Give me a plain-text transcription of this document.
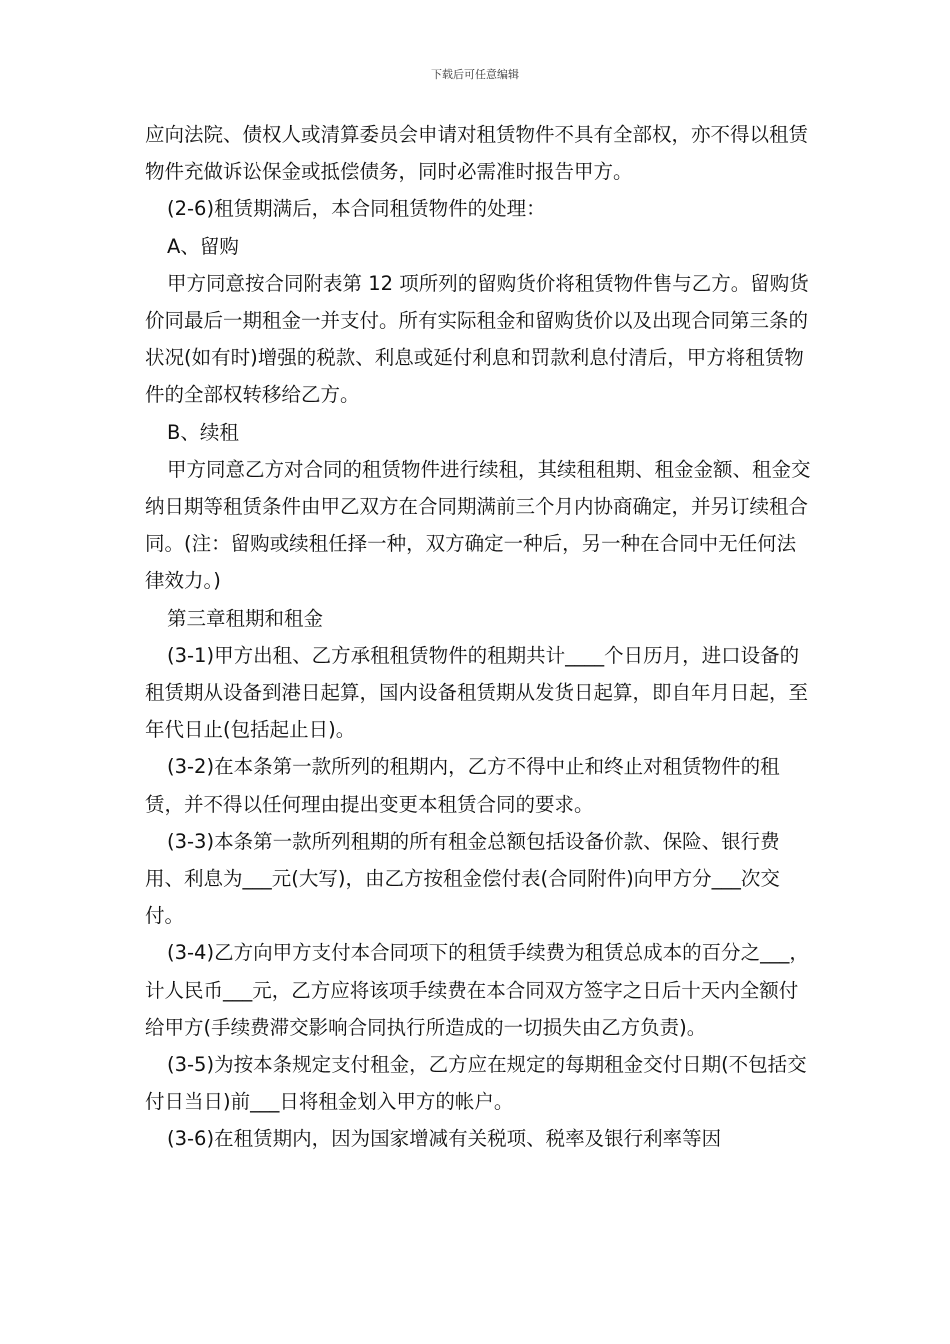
下载后可任意编辑

应向法院、债权人或清算委员会申请对租赁物件不具有全部权，亦不得以租赁物件充做诉讼保金或抵偿债务，同时必需准时报告甲方。

(2-6)租赁期满后，本合同租赁物件的处理：

A、留购

甲方同意按合同附表第 12 项所列的留购货价将租赁物件售与乙方。留购货价同最后一期租金一并支付。所有实际租金和留购货价以及出现合同第三条的状况(如有时)增强的税款、利息或延付利息和罚款利息付清后，甲方将租赁物件的全部权转移给乙方。

B、续租

甲方同意乙方对合同的租赁物件进行续租，其续租租期、租金金额、租金交纳日期等租赁条件由甲乙双方在合同期满前三个月内协商确定，并另订续租合同。(注：留购或续租任择一种，双方确定一种后，另一种在合同中无任何法律效力。)

第三章租期和租金

(3-1)甲方出租、乙方承租租赁物件的租期共计____个日历月，进口设备的租赁期从设备到港日起算，国内设备租赁期从发货日起算，即自年月日起，至年代日止(包括起止日)。

(3-2)在本条第一款所列的租期内，乙方不得中止和终止对租赁物件的租赁，并不得以任何理由提出变更本租赁合同的要求。

(3-3)本条第一款所列租期的所有租金总额包括设备价款、保险、银行费用、利息为___元(大写)，由乙方按租金偿付表(合同附件)向甲方分___次交付。

(3-4)乙方向甲方支付本合同项下的租赁手续费为租赁总成本的百分之___，计人民币___元，乙方应将该项手续费在本合同双方签字之日后十天内全额付给甲方(手续费滞交影响合同执行所造成的一切损失由乙方负责)。

(3-5)为按本条规定支付租金，乙方应在规定的每期租金交付日期(不包括交付日当日)前___日将租金划入甲方的帐户。

(3-6)在租赁期内，因为国家增减有关税项、税率及银行利率等因
